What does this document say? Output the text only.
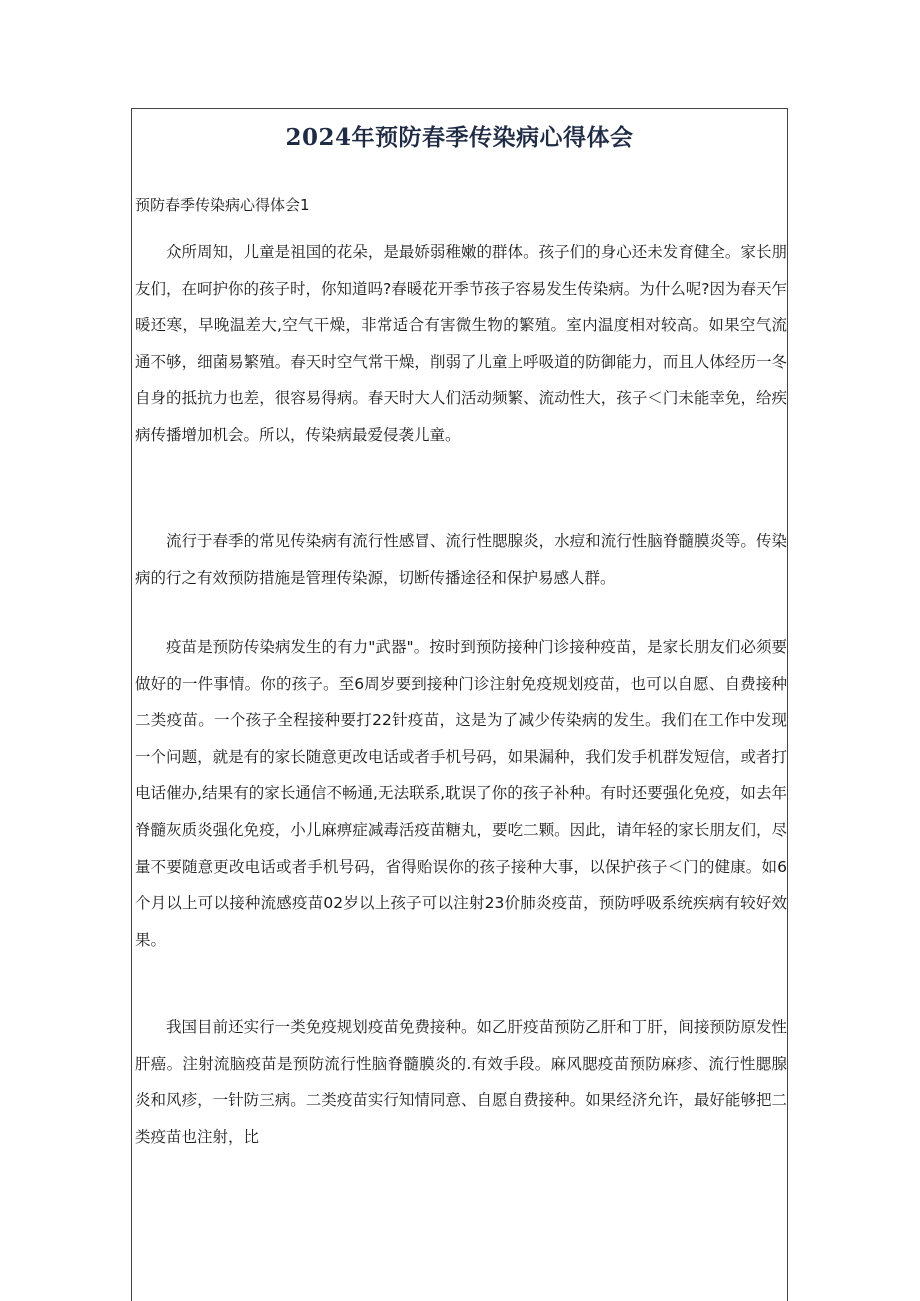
2024年预防春季传染病心得体会

预防春季传染病心得体会1

众所周知，儿童是祖国的花朵，是最娇弱稚嫩的群体。孩子们的身心还未发育健全。家长朋友们，在呵护你的孩子时，你知道吗?春暖花开季节孩子容易发生传染病。为什么呢?因为春天乍暖还寒，早晚温差大,空气干燥，非常适合有害微生物的繁殖。室内温度相对较高。如果空气流通不够，细菌易繁殖。春天时空气常干燥，削弱了儿童上呼吸道的防御能力，而且人体经历一冬自身的抵抗力也差，很容易得病。春天时大人们活动频繁、流动性大，孩子＜门未能幸免，给疾病传播增加机会。所以，传染病最爱侵袭儿童。

流行于春季的常见传染病有流行性感冒、流行性腮腺炎，水痘和流行性脑脊髓膜炎等。传染病的行之有效预防措施是管理传染源，切断传播途径和保护易感人群。

疫苗是预防传染病发生的有力"武器"。按时到预防接种门诊接种疫苗，是家长朋友们必须要做好的一件事情。你的孩子。至6周岁要到接种门诊注射免疫规划疫苗，也可以自愿、自费接种二类疫苗。一个孩子全程接种要打22针疫苗，这是为了减少传染病的发生。我们在工作中发现一个问题，就是有的家长随意更改电话或者手机号码，如果漏种，我们发手机群发短信，或者打电话催办,结果有的家长通信不畅通,无法联系,耽误了你的孩子补种。有时还要强化免疫，如去年脊髓灰质炎强化免疫，小儿麻痹症减毒活疫苗糖丸，要吃二颗。因此，请年轻的家长朋友们，尽量不要随意更改电话或者手机号码，省得贻误你的孩子接种大事，以保护孩子＜门的健康。如6个月以上可以接种流感疫苗02岁以上孩子可以注射23价肺炎疫苗，预防呼吸系统疾病有较好效果。

我国目前还实行一类免疫规划疫苗免费接种。如乙肝疫苗预防乙肝和丁肝，间接预防原发性肝癌。注射流脑疫苗是预防流行性脑脊髓膜炎的.有效手段。麻风腮疫苗预防麻疹、流行性腮腺炎和风疹，一针防三病。二类疫苗实行知情同意、自愿自费接种。如果经济允许，最好能够把二类疫苗也注射，比
